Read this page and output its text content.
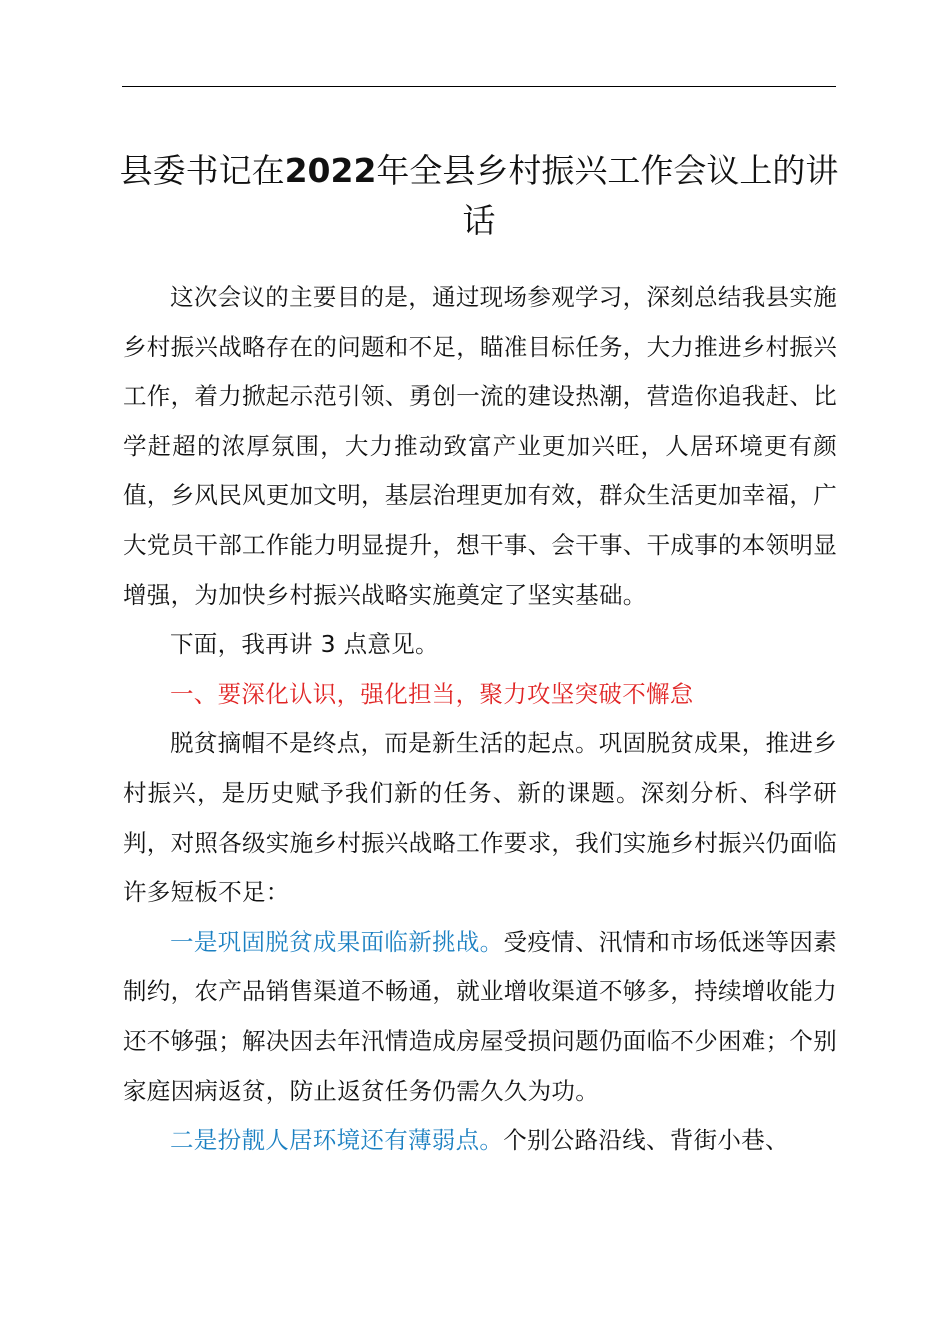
县委书记在2022年全县乡村振兴工作会议上的讲话

这次会议的主要目的是，通过现场参观学习，深刻总结我县实施乡村振兴战略存在的问题和不足，瞄准目标任务，大力推进乡村振兴工作，着力掀起示范引领、勇创一流的建设热潮，营造你追我赶、比学赶超的浓厚氛围，大力推动致富产业更加兴旺，人居环境更有颜值，乡风民风更加文明，基层治理更加有效，群众生活更加幸福，广大党员干部工作能力明显提升，想干事、会干事、干成事的本领明显增强，为加快乡村振兴战略实施奠定了坚实基础。

下面，我再讲 3 点意见。

一、要深化认识，强化担当，聚力攻坚突破不懈怠

脱贫摘帽不是终点，而是新生活的起点。巩固脱贫成果，推进乡村振兴，是历史赋予我们新的任务、新的课题。深刻分析、科学研判，对照各级实施乡村振兴战略工作要求，我们实施乡村振兴仍面临许多短板不足：

一是巩固脱贫成果面临新挑战。受疫情、汛情和市场低迷等因素制约，农产品销售渠道不畅通，就业增收渠道不够多，持续增收能力还不够强；解决因去年汛情造成房屋受损问题仍面临不少困难；个别家庭因病返贫，防止返贫任务仍需久久为功。

二是扮靓人居环境还有薄弱点。个别公路沿线、背街小巷、
